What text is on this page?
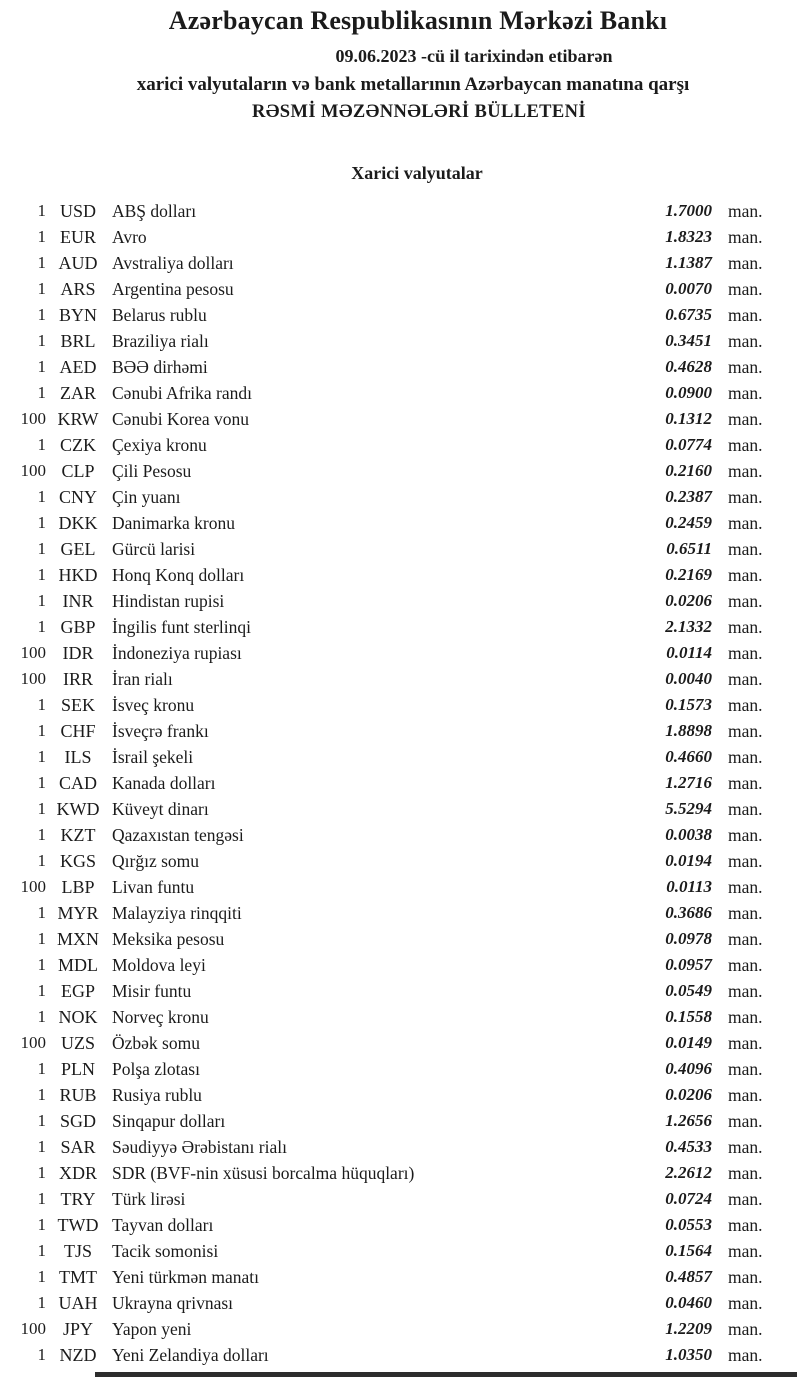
Azərbaycan Respublikasının Mərkəzi Bankı
09.06.2023 -cü il tarixindən etibarən
xarici valyutaların və bank metallarının Azərbaycan manatına qarşı
RƏSMİ MƏZƏNNƏLƏRİ BÜLLETENİ
Xarici valyutalar
1 USD ABŞ dolları	1.7000 man.
1 EUR Avro	1.8323 man.
1 AUD Avstraliya dolları	1.1387 man.
1 ARS Argentina pesosu	0.0070 man.
1 BYN Belarus rublu	0.6735 man.
1 BRL Braziliya rialı	0.3451 man.
1 AED BƏƏ dirhəmi	0.4628 man.
1 ZAR Cənubi Afrika randı	0.0900 man.
100 KRW Cənubi Korea vonu	0.1312 man.
1 CZK Çexiya kronu	0.0774 man.
100 CLP	Çili Pesosu	0.2160 man.
1 CNY Çin yuanı	0.2387 man.
1 DKK Danimarka kronu	0.2459 man.
1 GEL Gürcü larisi	0.6511 man.
1 HKD Honq Konq dolları	0.2169 man.
1 INR	Hindistan rupisi	0.0206 man.
1 GBP İngilis funt sterlinqi	2.1332 man.
100 IDR	İndoneziya rupiası	0.0114 man.
100 IRR	İran rialı	0.0040 man.
1 SEK İsveç kronu	0.1573 man.
1 CHF İsveçrə frankı	1.8898 man.
1	ILS	İsrail şekeli	0.4660 man.
1 CAD Kanada dolları	1.2716 man.
1 KWD Küveyt dinarı	5.5294 man.
1 KZT Qazaxıstan tengəsi	0.0038 man.
1 KGS Qırğız somu	0.0194 man.
100 LBP	Livan funtu	0.0113 man.
1 MYR Malayziya rinqqiti	0.3686 man.
1 MXN Meksika pesosu	0.0978 man.
1 MDL Moldova leyi	0.0957 man.
1 EGP Misir funtu	0.0549 man.
1 NOK Norveç kronu	0.1558 man.
100 UZS Özbək somu	0.0149 man.
1 PLN Polşa zlotası	0.4096 man.
1 RUB Rusiya rublu	0.0206 man.
1 SGD Sinqapur dolları	1.2656 man.
1 SAR Səudiyyə Ərəbistanı rialı	0.4533 man.
1 XDR SDR (BVF-nin xüsusi borcalma hüquqları)	2.2612 man.
1 TRY Türk lirəsi	0.0724 man.
1 TWD Tayvan dolları	0.0553 man.
1 TJS	Tacik somonisi	0.1564 man.
1 TMT Yeni türkmən manatı	0.4857 man.
1 UAH Ukrayna qrivnası	0.0460 man.
100 JPY	Yapon yeni	1.2209 man.
1 NZD Yeni Zelandiya dolları	1.0350 man.
